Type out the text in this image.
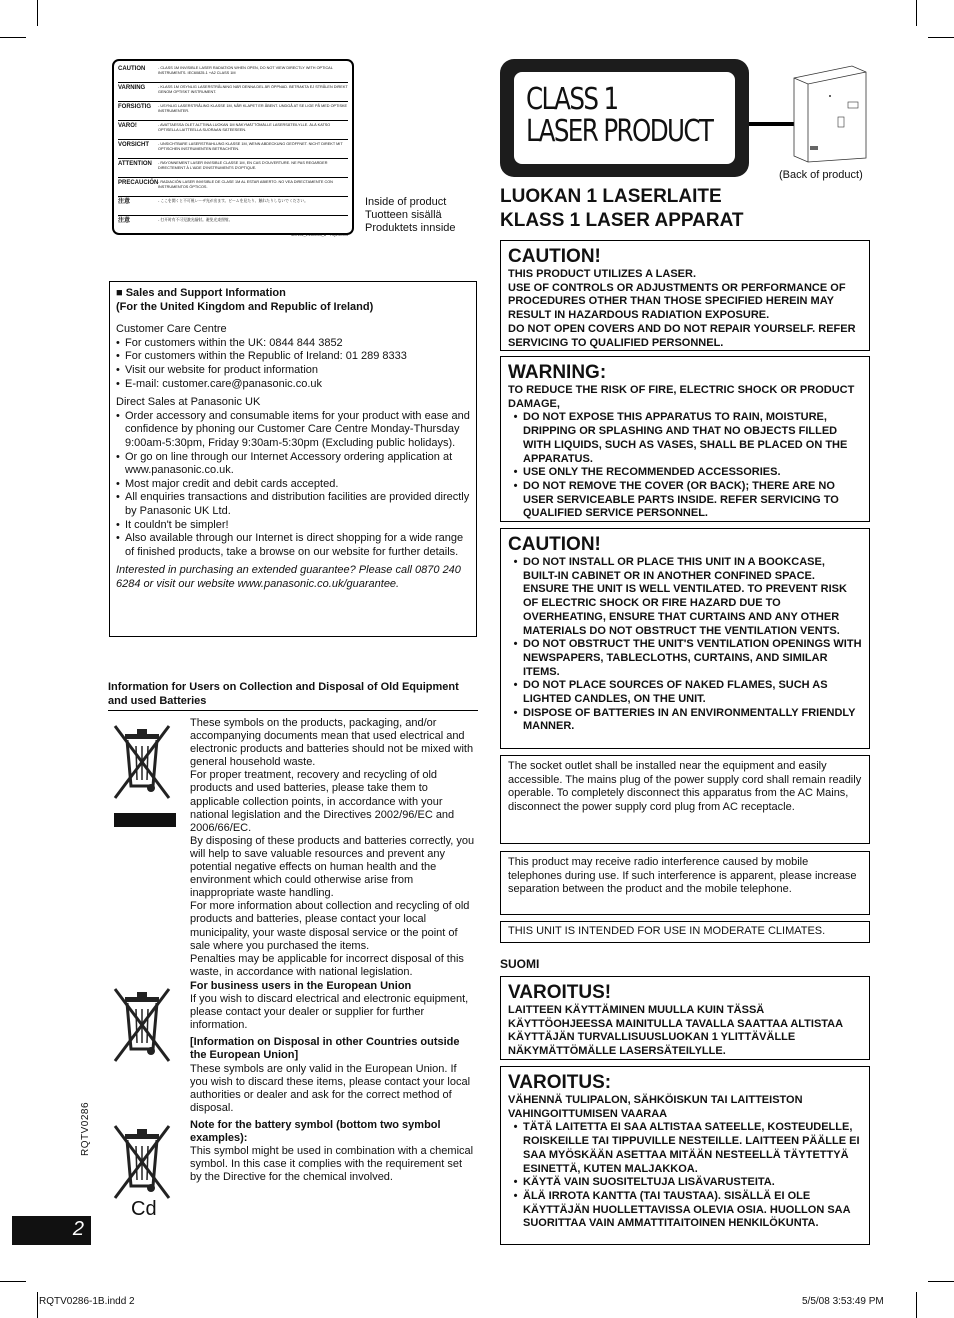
CAUTION	- CLASS 1M INVISIBLE LASER RADIATION WHEN OPEN, DO NOT VIEW DIRECTLY WITH OPTICAL INSTRUMENTS. IEC60825-1 +A2 CLASS 1M
VARNING	- KLASS 1M OSYNLIG LASERSTRÅLNING NÄR DENNA DEL ÄR ÖPPNAD. BETRAKTA EJ STRÅLEN DIREKT GENOM OPTISKT INSTRUMENT.
FORSIGTIG	- USYNLIG LASERSTRÅLING KLASSE 1M, NÅR KLAPET ER ÅBENT. UNDGÅ AT SE LIGE PÅ MED OPTISKE INSTRUMENTER.
VARO!	- AVATTAESSA OLET ALTTIINA LUOKAN 1M NÄKYMÄTTÖMÄLLE LASERSÄTEILYLLE. ÄLÄ KATSO OPTISELLA LAITTEELLA SUORAAN SÄTEESEEN.
VORSICHT	- UNSICHTBARE LASERSTRAHLUNG KLASSE 1M, WENN ABDECKUNG GEÖFFNET. NICHT DIREKT MIT OPTISCHEN INSTRUMENTEN BETRACHTEN.
ATTENTION	- RAYONNEMENT LASER INVISIBLE CLASSE 1M, EN CAS D'OUVERTURE. NE PAS REGARDER DIRECTEMENT À L'AIDE D'INSTRUMENTS D'OPTIQUE.
PRECAUCIÓN - RADIACIÓN LASER INVISIBLE DE CLASE 1M AL ESTAR ABIERTO. NO VEA DIRECTAMENTE CON INSTRUMENTOS ÓPTICOS.
注意	- ここを開くと不可視レーザ光が出ます。ビームを見たり、触れたりしないでください。
注意	- 打开时有不可见激光辐射。避免光束照射。
6B7241_1-2601/03_B RQLS0105
Inside of product
Tuotteen sisällä
Produktets innside
CLASS 1
LASER PRODUCT
(Back of product)
LUOKAN 1 LASERLAITE
KLASS 1 LASER APPARAT
CAUTION!
THIS PRODUCT UTILIZES A LASER.
USE OF CONTROLS OR ADJUSTMENTS OR PERFORMANCE OF PROCEDURES OTHER THAN THOSE SPECIFIED HEREIN MAY RESULT IN HAZARDOUS RADIATION EXPOSURE.
DO NOT OPEN COVERS AND DO NOT REPAIR YOURSELF. REFER SERVICING TO QUALIFIED PERSONNEL.
WARNING:
TO REDUCE THE RISK OF FIRE, ELECTRIC SHOCK OR PRODUCT DAMAGE,
• DO NOT EXPOSE THIS APPARATUS TO RAIN, MOISTURE, DRIPPING OR SPLASHING AND THAT NO OBJECTS FILLED WITH LIQUIDS, SUCH AS VASES, SHALL BE PLACED ON THE APPARATUS.
• USE ONLY THE RECOMMENDED ACCESSORIES.
• DO NOT REMOVE THE COVER (OR BACK); THERE ARE NO USER SERVICEABLE PARTS INSIDE. REFER SERVICING TO QUALIFIED SERVICE PERSONNEL.
CAUTION!
• DO NOT INSTALL OR PLACE THIS UNIT IN A BOOKCASE, BUILT-IN CABINET OR IN ANOTHER CONFINED SPACE. ENSURE THE UNIT IS WELL VENTILATED. TO PREVENT RISK OF ELECTRIC SHOCK OR FIRE HAZARD DUE TO OVERHEATING, ENSURE THAT CURTAINS AND ANY OTHER MATERIALS DO NOT OBSTRUCT THE VENTILATION VENTS.
• DO NOT OBSTRUCT THE UNIT'S VENTILATION OPENINGS WITH NEWSPAPERS, TABLECLOTHS, CURTAINS, AND SIMILAR ITEMS.
• DO NOT PLACE SOURCES OF NAKED FLAMES, SUCH AS LIGHTED CANDLES, ON THE UNIT.
• DISPOSE OF BATTERIES IN AN ENVIRONMENTALLY FRIENDLY MANNER.
The socket outlet shall be installed near the equipment and easily accessible. The mains plug of the power supply cord shall remain readily operable. To completely disconnect this apparatus from the AC Mains, disconnect the power supply cord plug from AC receptacle.
This product may receive radio interference caused by mobile telephones during use. If such interference is apparent, please increase separation between the product and the mobile telephone.
THIS UNIT IS INTENDED FOR USE IN MODERATE CLIMATES.
SUOMI
VAROITUS!
LAITTEEN KÄYTTÄMINEN MUULLA KUIN TÄSSÄ KÄYTTÖOHJEESSA MAINITULLA TAVALLA SAATTAA ALTISTAA KÄYTTÄJÄN TURVALLISUUSLUOKAN 1 YLITTÄVÄLLE NÄKYMÄTTÖMÄLLE LASERSÄTEILYLLE.
VAROITUS:
VÄHENNÄ TULIPALON, SÄHKÖISKUN TAI LAITTEISTON VAHINGOITTUMISEN VAARAA
• TÄTÄ LAITETTA EI SAA ALTISTAA SATEELLE, KOSTEUDELLE, ROISKEILLE TAI TIPPUVILLE NESTEILLE. LAITTEEN PÄÄLLE EI SAA MYÖSKÄÄN ASETTAA MITÄÄN NESTEELLÄ TÄYTETTYÄ ESINETTÄ, KUTEN MALJAKKOA.
• KÄYTÄ VAIN SUOSITELTUJA LISÄVARUSTEITA.
• ÄLÄ IRROTA KANTTA (TAI TAUSTAA). SISÄLLÄ EI OLE KÄYTTÄJÄN HUOLLETTAVISSA OLEVIA OSIA. HUOLLON SAA SUORITTAA VAIN AMMATTITAITOINEN HENKILÖKUNTA.
■ Sales and Support Information
(For the United Kingdom and Republic of Ireland)
Customer Care Centre
• For customers within the UK: 0844 844 3852
• For customers within the Republic of Ireland: 01 289 8333
• Visit our website for product information
• E-mail: customer.care@panasonic.co.uk
Direct Sales at Panasonic UK
• Order accessory and consumable items for your product with ease and confidence by phoning our Customer Care Centre Monday-Thursday 9:00am-5:30pm, Friday 9:30am-5:30pm (Excluding public holidays).
• Or go on line through our Internet Accessory ordering application at www.panasonic.co.uk.
• Most major credit and debit cards accepted.
• All enquiries transactions and distribution facilities are provided directly by Panasonic UK Ltd.
• It couldn't be simpler!
• Also available through our Internet is direct shopping for a wide range of finished products, take a browse on our website for further details.
Interested in purchasing an extended guarantee? Please call 0870 240 6284 or visit our website www.panasonic.co.uk/guarantee.
Information for Users on Collection and Disposal of Old Equipment and used Batteries
Cd
These symbols on the products, packaging, and/or accompanying documents mean that used electrical and electronic products and batteries should not be mixed with general household waste.
For proper treatment, recovery and recycling of old products and used batteries, please take them to applicable collection points, in accordance with your national legislation and the Directives 2002/96/EC and 2006/66/EC.
By disposing of these products and batteries correctly, you will help to save valuable resources and prevent any potential negative effects on human health and the environment which could otherwise arise from inappropriate waste handling.
For more information about collection and recycling of old products and batteries, please contact your local municipality, your waste disposal service or the point of sale where you purchased the items.
Penalties may be applicable for incorrect disposal of this waste, in accordance with national legislation.
For business users in the European Union
If you wish to discard electrical and electronic equipment, please contact your dealer or supplier for further information.
[Information on Disposal in other Countries outside the European Union]
These symbols are only valid in the European Union. If you wish to discard these items, please contact your local authorities or dealer and ask for the correct method of disposal.
Note for the battery symbol (bottom two symbol examples):
This symbol might be used in combination with a chemical symbol. In this case it complies with the requirement set by the Directive for the chemical involved.
RQTV0286
2
RQTV0286-1B.indd 2	5/5/08 3:53:49 PM
